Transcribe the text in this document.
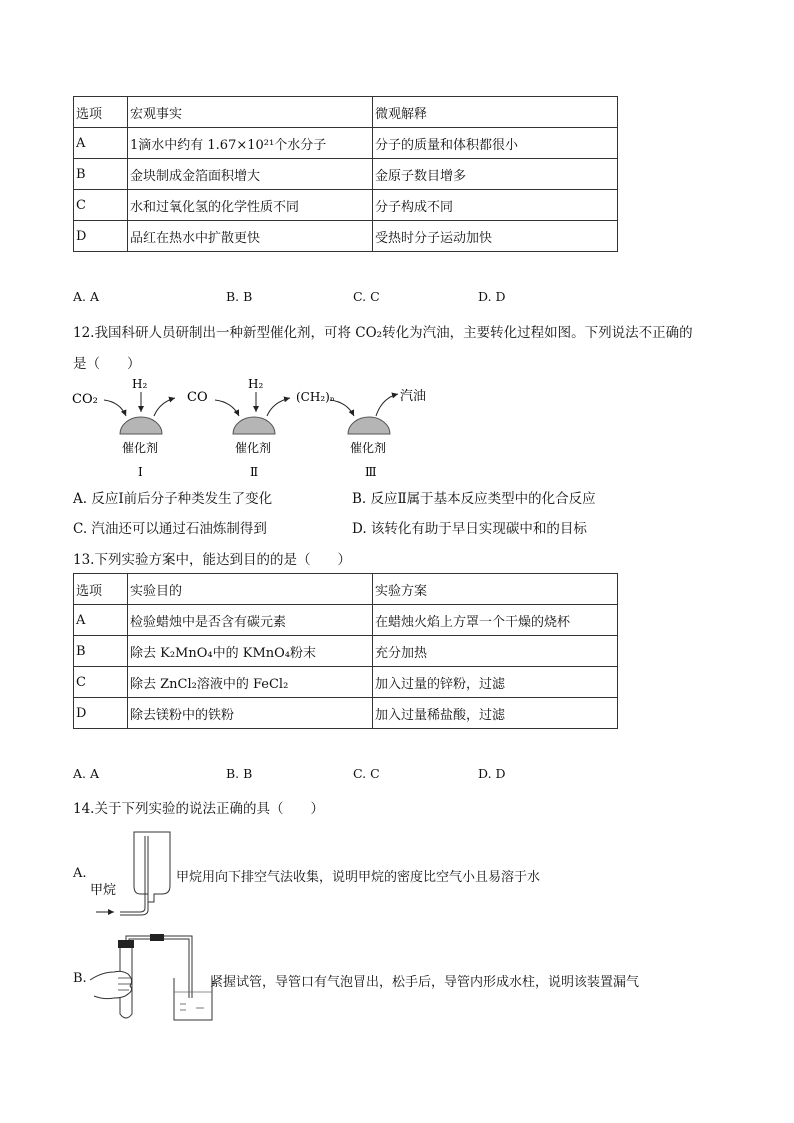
选项	宏观事实	微观解释
A	1滴水中约有 1.67×10²¹个水分子	分子的质量和体积都很小
B	金块制成金箔面积增大	金原子数目增多
C	水和过氧化氢的化学性质不同	分子构成不同
D	品红在热水中扩散更快	受热时分子运动加快
A. A	B. B	C. C	D. D
12.我国科研人员研制出一种新型催化剂，可将 CO₂转化为汽油，主要转化过程如图。下列说法不正确的
是（　　）
CO₂
H₂
CO
H₂
(CH₂)ₙ	汽油
催化剂	催化剂	催化剂
Ⅰ	Ⅱ	Ⅲ
A. 反应Ⅰ前后分子种类发生了变化	B. 反应Ⅱ属于基本反应类型中的化合反应
C. 汽油还可以通过石油炼制得到	D. 该转化有助于早日实现碳中和的目标
13.下列实验方案中，能达到目的的是（　　）
选项	实验目的	实验方案
A	检验蜡烛中是否含有碳元素	在蜡烛火焰上方罩一个干燥的烧杯
B	除去 K₂MnO₄中的 KMnO₄粉末	充分加热
C	除去 ZnCl₂溶液中的 FeCl₂	加入过量的锌粉，过滤
D	除去镁粉中的铁粉	加入过量稀盐酸，过滤
A. A	B. B	C. C	D. D
14.关于下列实验的说法正确的具（　　）
A.
甲烷
甲烷用向下排空气法收集，说明甲烷的密度比空气小且易溶于水
B.	紧握试管，导管口有气泡冒出，松手后，导管内形成水柱，说明该装置漏气
